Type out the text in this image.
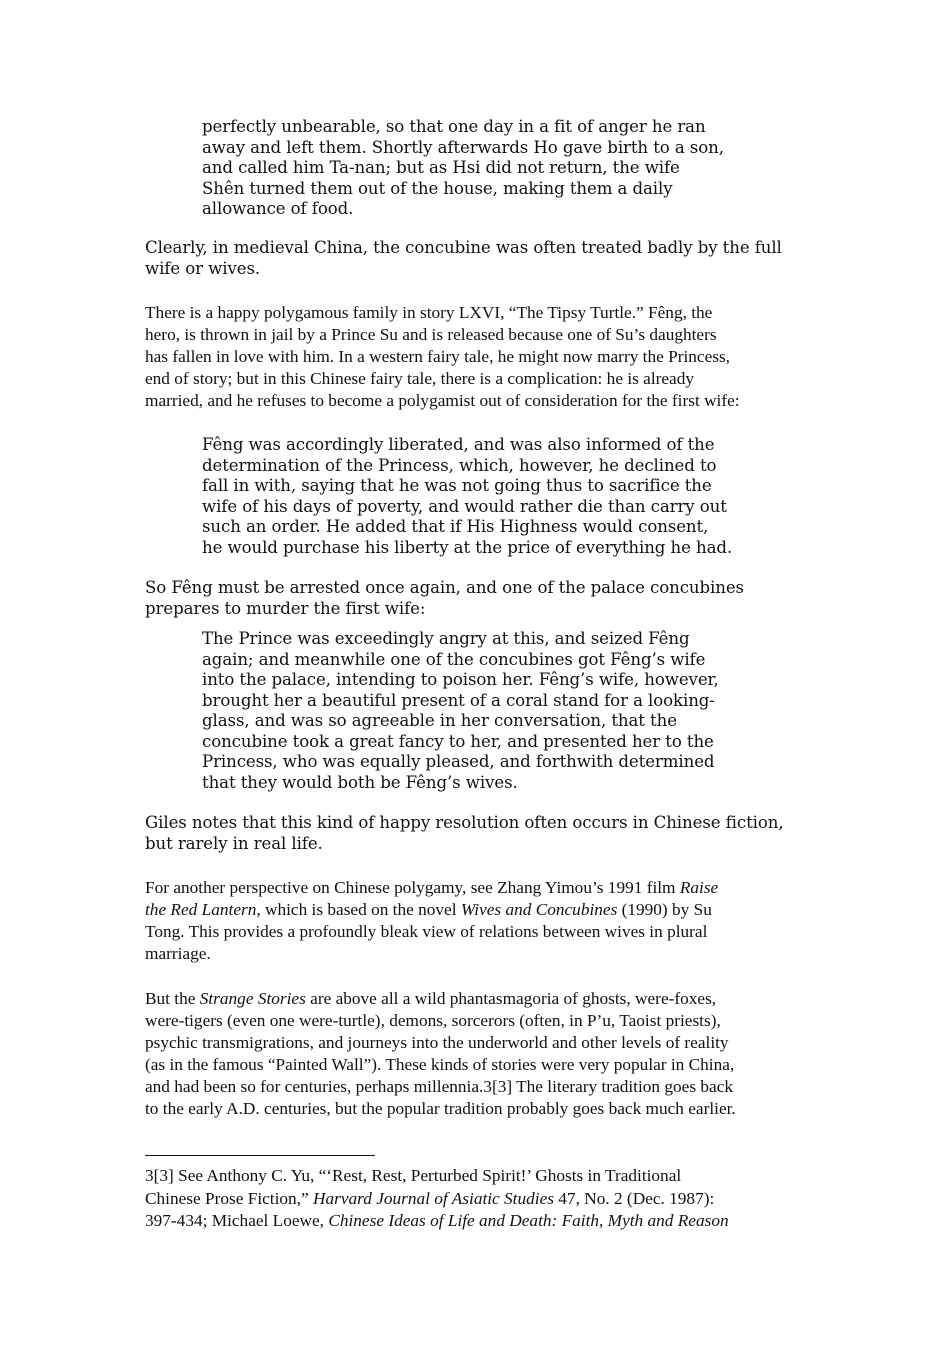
perfectly unbearable, so that one day in a fit of anger he ran
away and left them. Shortly afterwards Ho gave birth to a son,
and called him Ta-nan; but as Hsi did not return, the wife
Shên turned them out of the house, making them a daily
allowance of food.
Clearly, in medieval China, the concubine was often treated badly by the full
wife or wives.
There is a happy polygamous family in story LXVI, “The Tipsy Turtle.” Fêng, the
hero, is thrown in jail by a Prince Su and is released because one of Su’s daughters
has fallen in love with him. In a western fairy tale, he might now marry the Princess,
end of story; but in this Chinese fairy tale, there is a complication: he is already
married, and he refuses to become a polygamist out of consideration for the first wife:
Fêng was accordingly liberated, and was also informed of the
determination of the Princess, which, however, he declined to
fall in with, saying that he was not going thus to sacrifice the
wife of his days of poverty, and would rather die than carry out
such an order. He added that if His Highness would consent,
he would purchase his liberty at the price of everything he had.
So Fêng must be arrested once again, and one of the palace concubines
prepares to murder the first wife:
The Prince was exceedingly angry at this, and seized Fêng
again; and meanwhile one of the concubines got Fêng’s wife
into the palace, intending to poison her. Fêng’s wife, however,
brought her a beautiful present of a coral stand for a looking-
glass, and was so agreeable in her conversation, that the
concubine took a great fancy to her, and presented her to the
Princess, who was equally pleased, and forthwith determined
that they would both be Fêng’s wives.
Giles notes that this kind of happy resolution often occurs in Chinese fiction,
but rarely in real life.
For another perspective on Chinese polygamy, see Zhang Yimou’s 1991 film Raise
the Red Lantern, which is based on the novel Wives and Concubines (1990) by Su
Tong. This provides a profoundly bleak view of relations between wives in plural
marriage.
But the Strange Stories are above all a wild phantasmagoria of ghosts, were-foxes,
were-tigers (even one were-turtle), demons, sorcerors (often, in P’u, Taoist priests),
psychic transmigrations, and journeys into the underworld and other levels of reality
(as in the famous “Painted Wall”). These kinds of stories were very popular in China,
and had been so for centuries, perhaps millennia.3[3] The literary tradition goes back
to the early A.D. centuries, but the popular tradition probably goes back much earlier.
3[3] See Anthony C. Yu, “‘Rest, Rest, Perturbed Spirit!’ Ghosts in Traditional
Chinese Prose Fiction,” Harvard Journal of Asiatic Studies 47, No. 2 (Dec. 1987):
397-434; Michael Loewe, Chinese Ideas of Life and Death: Faith, Myth and Reason
